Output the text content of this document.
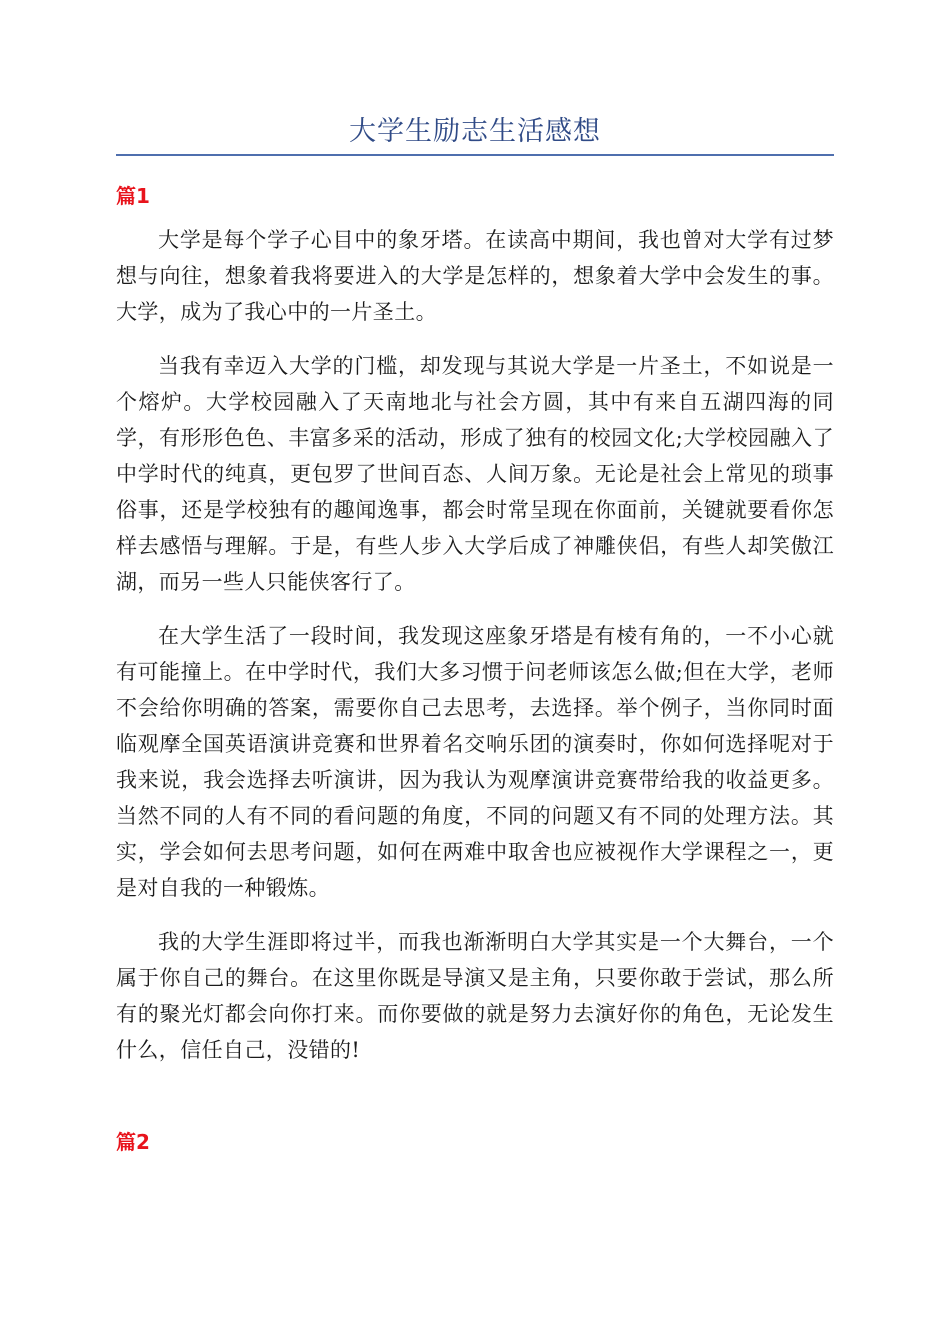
大学生励志生活感想
篇1

大学是每个学子心目中的象牙塔。在读高中期间，我也曾对大学有过梦想与向往，想象着我将要进入的大学是怎样的，想象着大学中会发生的事。大学，成为了我心中的一片圣土。

当我有幸迈入大学的门槛，却发现与其说大学是一片圣土，不如说是一个熔炉。大学校园融入了天南地北与社会方圆，其中有来自五湖四海的同学，有形形色色、丰富多采的活动，形成了独有的校园文化;大学校园融入了中学时代的纯真，更包罗了世间百态、人间万象。无论是社会上常见的琐事俗事，还是学校独有的趣闻逸事，都会时常呈现在你面前，关键就要看你怎样去感悟与理解。于是，有些人步入大学后成了神雕侠侣，有些人却笑傲江湖，而另一些人只能侠客行了。

在大学生活了一段时间，我发现这座象牙塔是有棱有角的，一不小心就有可能撞上。在中学时代，我们大多习惯于问老师该怎么做;但在大学，老师不会给你明确的答案，需要你自己去思考，去选择。举个例子，当你同时面临观摩全国英语演讲竞赛和世界着名交响乐团的演奏时，你如何选择呢对于我来说，我会选择去听演讲，因为我认为观摩演讲竞赛带给我的收益更多。当然不同的人有不同的看问题的角度，不同的问题又有不同的处理方法。其实，学会如何去思考问题，如何在两难中取舍也应被视作大学课程之一，更是对自我的一种锻炼。

我的大学生涯即将过半，而我也渐渐明白大学其实是一个大舞台，一个属于你自己的舞台。在这里你既是导演又是主角，只要你敢于尝试，那么所有的聚光灯都会向你打来。而你要做的就是努力去演好你的角色，无论发生什么，信任自己，没错的!

篇2
